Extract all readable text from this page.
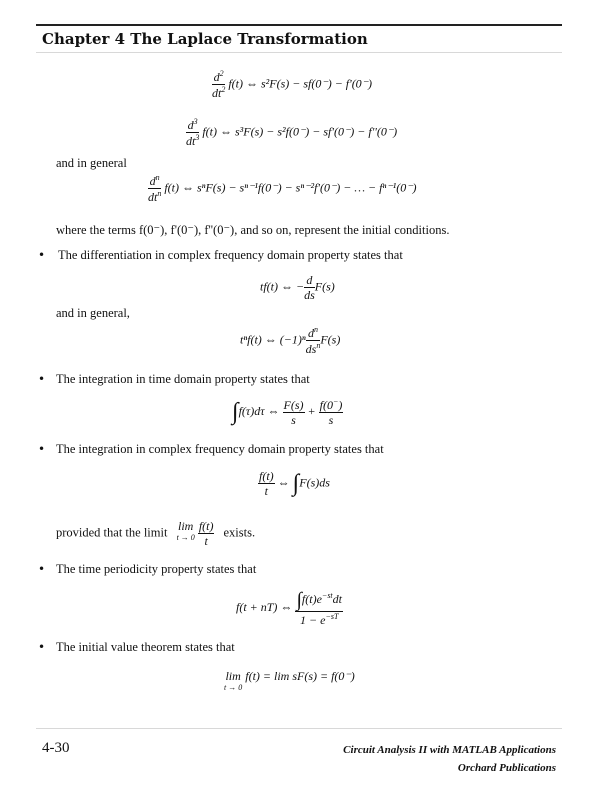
Chapter 4 The Laplace Transformation
$\frac{d^2}{dt^2} f(t)$ ⇔ s²F(s) − sf(0⁻) − f'(0⁻)
$\frac{d^3}{dt^3} f(t)$ ⇔ s³F(s) − s²f(0⁻) − sf'(0⁻) − f''(0⁻)
and in general
$\frac{d^n}{dt^n} f(t)$ ⇔ sⁿF(s) − sⁿ⁻¹f(0⁻) − sⁿ⁻²f'(0⁻) − … − fⁿ⁻¹(0⁻)
where the terms f(0⁻), f'(0⁻), f''(0⁻), and so on, represent the initial conditions.
• The differentiation in complex frequency domain property states that
tf(t) ⇔ − $\frac{d}{ds} F(s)$
and in general,
tⁿf(t) ⇔ $(-1)^n \frac{d^n}{ds^n} F(s)$
• The integration in time domain property states that
∫f(τ)dτ ⇔ $\frac{F(s)}{s} + \frac{f(0^-)}{s}$
• The integration in complex frequency domain property states that
$\frac{f(t)}{t}$ ⇔ ∫F(s)ds
provided that the limit lim
t → 0
$\frac{f(t)}{t}$ exists.
• The time periodicity property states that
f(t + nT) ⇔ $\frac{\int f(t)e^{-st}dt}{1 - e^{-sT}}$
• The initial value theorem states that
lim
t → 0
f(t) = lim sF(s) = f(0⁻)
4-30	Circuit Analysis II with MATLAB Applications
Orchard Publications
